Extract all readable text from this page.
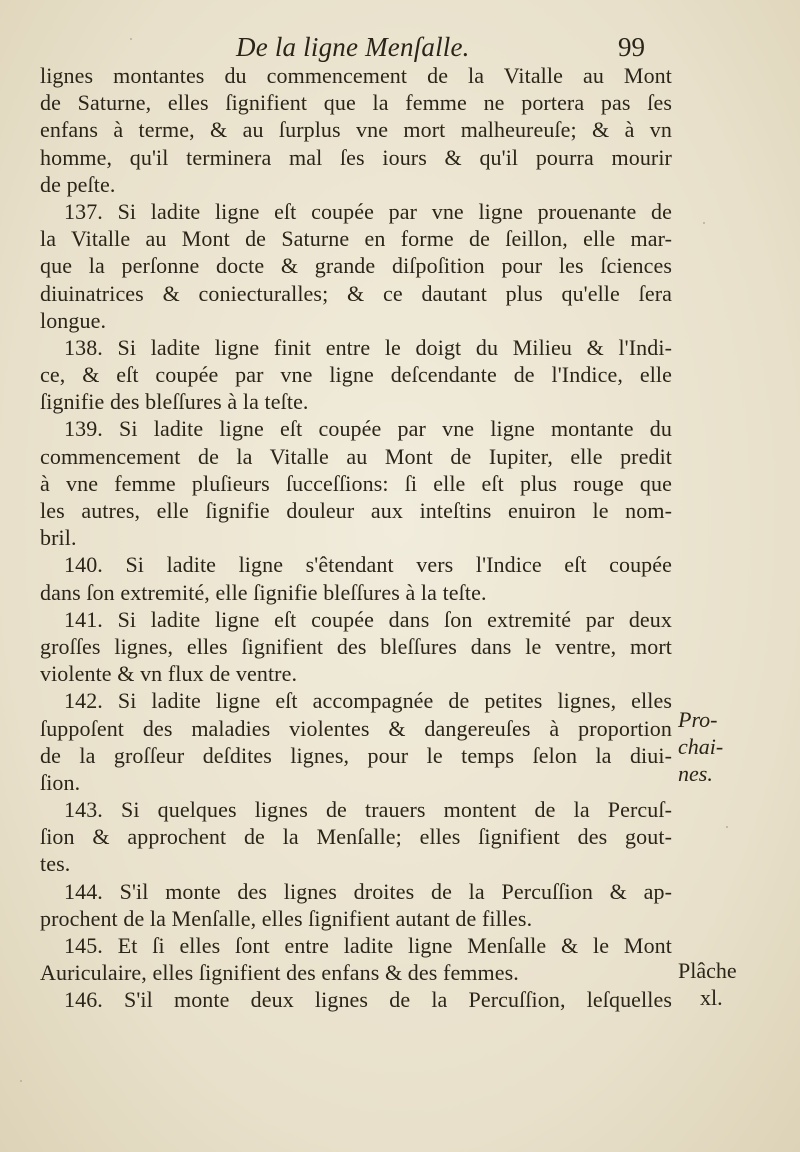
De la ligne Menſalle.	99
lignes montantes du commencement de la Vitalle au Mont
de Saturne, elles ſignifient que la femme ne portera pas ſes
enfans à terme, & au ſurplus vne mort malheureuſe; & à vn
homme, qu'il terminera mal ſes iours & qu'il pourra mourir
de peſte.
137. Si ladite ligne eſt coupée par vne ligne prouenante de
la Vitalle au Mont de Saturne en forme de ſeillon, elle mar-
que la perſonne docte & grande diſpoſition pour les ſciences
diuinatrices & coniecturalles; & ce dautant plus qu'elle ſera
longue.
138. Si ladite ligne finit entre le doigt du Milieu & l'Indi-
ce, & eſt coupée par vne ligne deſcendante de l'Indice, elle
ſignifie des bleſſures à la teſte.
139. Si ladite ligne eſt coupée par vne ligne montante du
commencement de la Vitalle au Mont de Iupiter, elle predit
à vne femme pluſieurs ſucceſſions: ſi elle eſt plus rouge que
les autres, elle ſignifie douleur aux inteſtins enuiron le nom-
bril.
140. Si ladite ligne s'êtendant vers l'Indice eſt coupée
dans ſon extremité, elle ſignifie bleſſures à la teſte.
141. Si ladite ligne eſt coupée dans ſon extremité par deux
groſſes lignes, elles ſignifient des bleſſures dans le ventre, mort
violente & vn flux de ventre.
142. Si ladite ligne eſt accompagnée de petites lignes, elles
ſuppoſent des maladies violentes & dangereuſes à proportion
de la groſſeur deſdites lignes, pour le temps ſelon la diui-
ſion.
143. Si quelques lignes de trauers montent de la Percuſ-
ſion & approchent de la Menſalle; elles ſignifient des gout-
tes.
144. S'il monte des lignes droites de la Percuſſion & ap-
prochent de la Menſalle, elles ſignifient autant de filles.
145. Et ſi elles ſont entre ladite ligne Menſalle & le Mont
Auriculaire, elles ſignifient des enfans & des femmes.
146. S'il monte deux lignes de la Percuſſion, leſquelles
Pro-
chai-
nes.
Plâche
xl.
